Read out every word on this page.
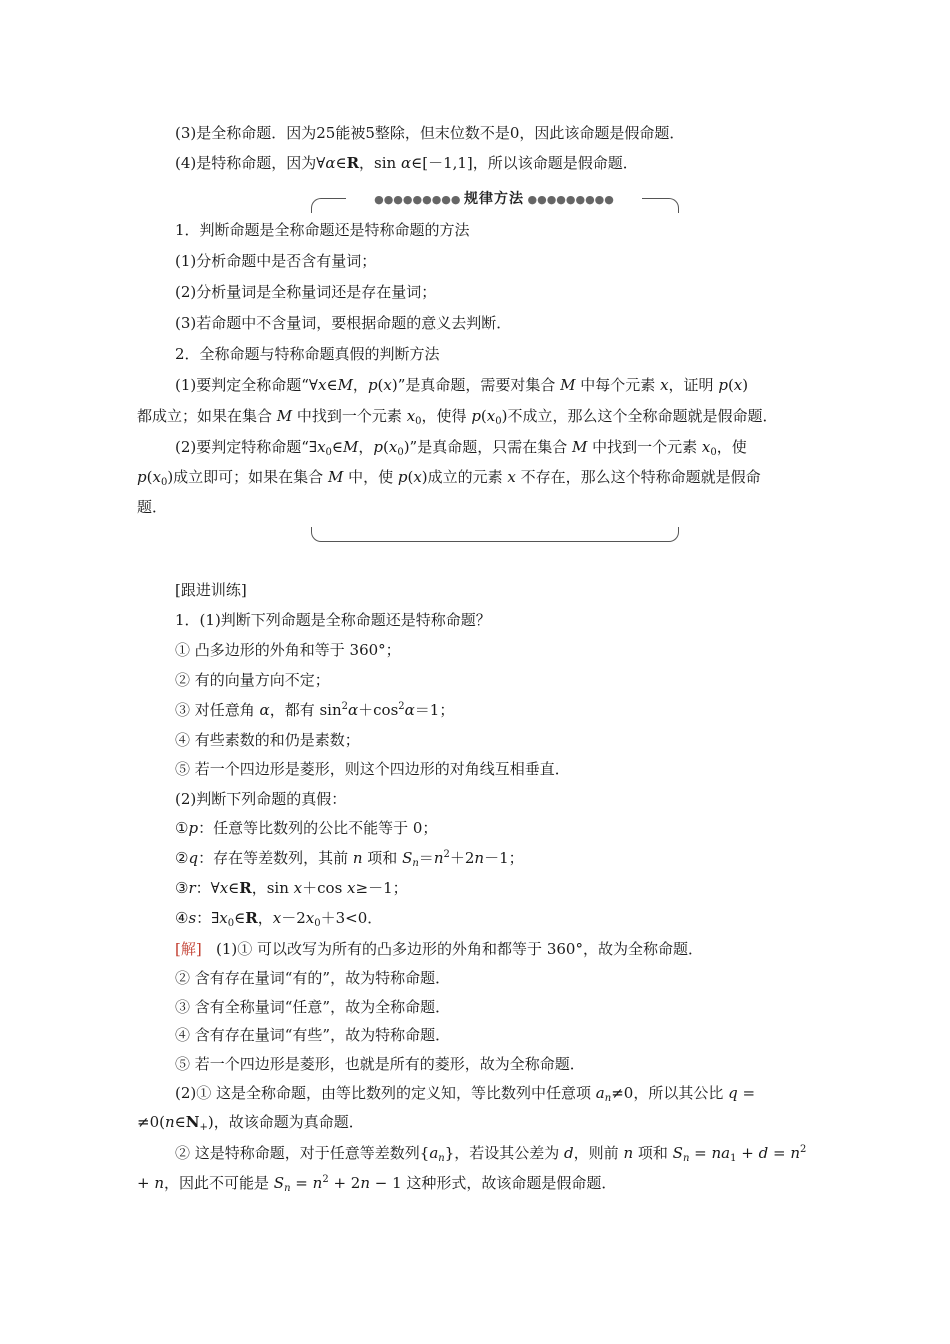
(3)是全称命题．因为25能被5整除，但末位数不是0，因此该命题是假命题．
(4)是特称命题，因为∀α∈R，sin α∈[－1,1]，所以该命题是假命题．
●●●●●●●●● 规律方法 ●●●●●●●●●
1．判断命题是全称命题还是特称命题的方法
(1)分析命题中是否含有量词；
(2)分析量词是全称量词还是存在量词；
(3)若命题中不含量词，要根据命题的意义去判断．
2．全称命题与特称命题真假的判断方法
(1)要判定全称命题“∀x∈M，p(x)”是真命题，需要对集合 M 中每个元素 x，证明 p(x)
都成立；如果在集合 M 中找到一个元素 $x_0$，使得 $p(x_0)$不成立，那么这个全称命题就是假命题．
(2)要判定特称命题“$\exists x_0\in M$，$p(x_0)$”是真命题，只需在集合 M 中找到一个元素 $x_0$，使
$p(x_0)$成立即可；如果在集合 M 中，使 p(x)成立的元素 x 不存在，那么这个特称命题就是假命
题．
[跟进训练]
1．(1)判断下列命题是全称命题还是特称命题？
① 凸多边形的外角和等于 360°；
② 有的向量方向不定；
③ 对任意角 α，都有 $\sin^2\alpha+\cos^2\alpha=1$；
④ 有些素数的和仍是素数；
⑤ 若一个四边形是菱形，则这个四边形的对角线互相垂直．
(2)判断下列命题的真假：
①p：任意等比数列的公比不能等于 0；
②q：存在等差数列，其前 n 项和 $S_n=n^2+2n-1$；
③r：∀x∈R，sin x＋cos x≥－1；
④s：$\exists x_0\in R$，$x-2x_0+3<0$．
[解] (1)① 可以改写为所有的凸多边形的外角和都等于 360°，故为全称命题．
② 含有存在量词“有的”，故为特称命题．
③ 含有全称量词“任意”，故为全称命题．
④ 含有存在量词“有些”，故为特称命题．
⑤ 若一个四边形是菱形，也就是所有的菱形，故为全称命题．
(2)① 这是全称命题，由等比数列的定义知，等比数列中任意项 $a_n\ne 0$，所以其公比 q =
$\ne 0(n\in N_+)$，故该命题为真命题．
② 这是特称命题，对于任意等差数列$\{a_n\}$，若设其公差为 d，则前 n 项和 $S_n = na_1 + d = n^2$
+ n，因此不可能是 $S_n = n^2 + 2n - 1$ 这种形式，故该命题是假命题．
